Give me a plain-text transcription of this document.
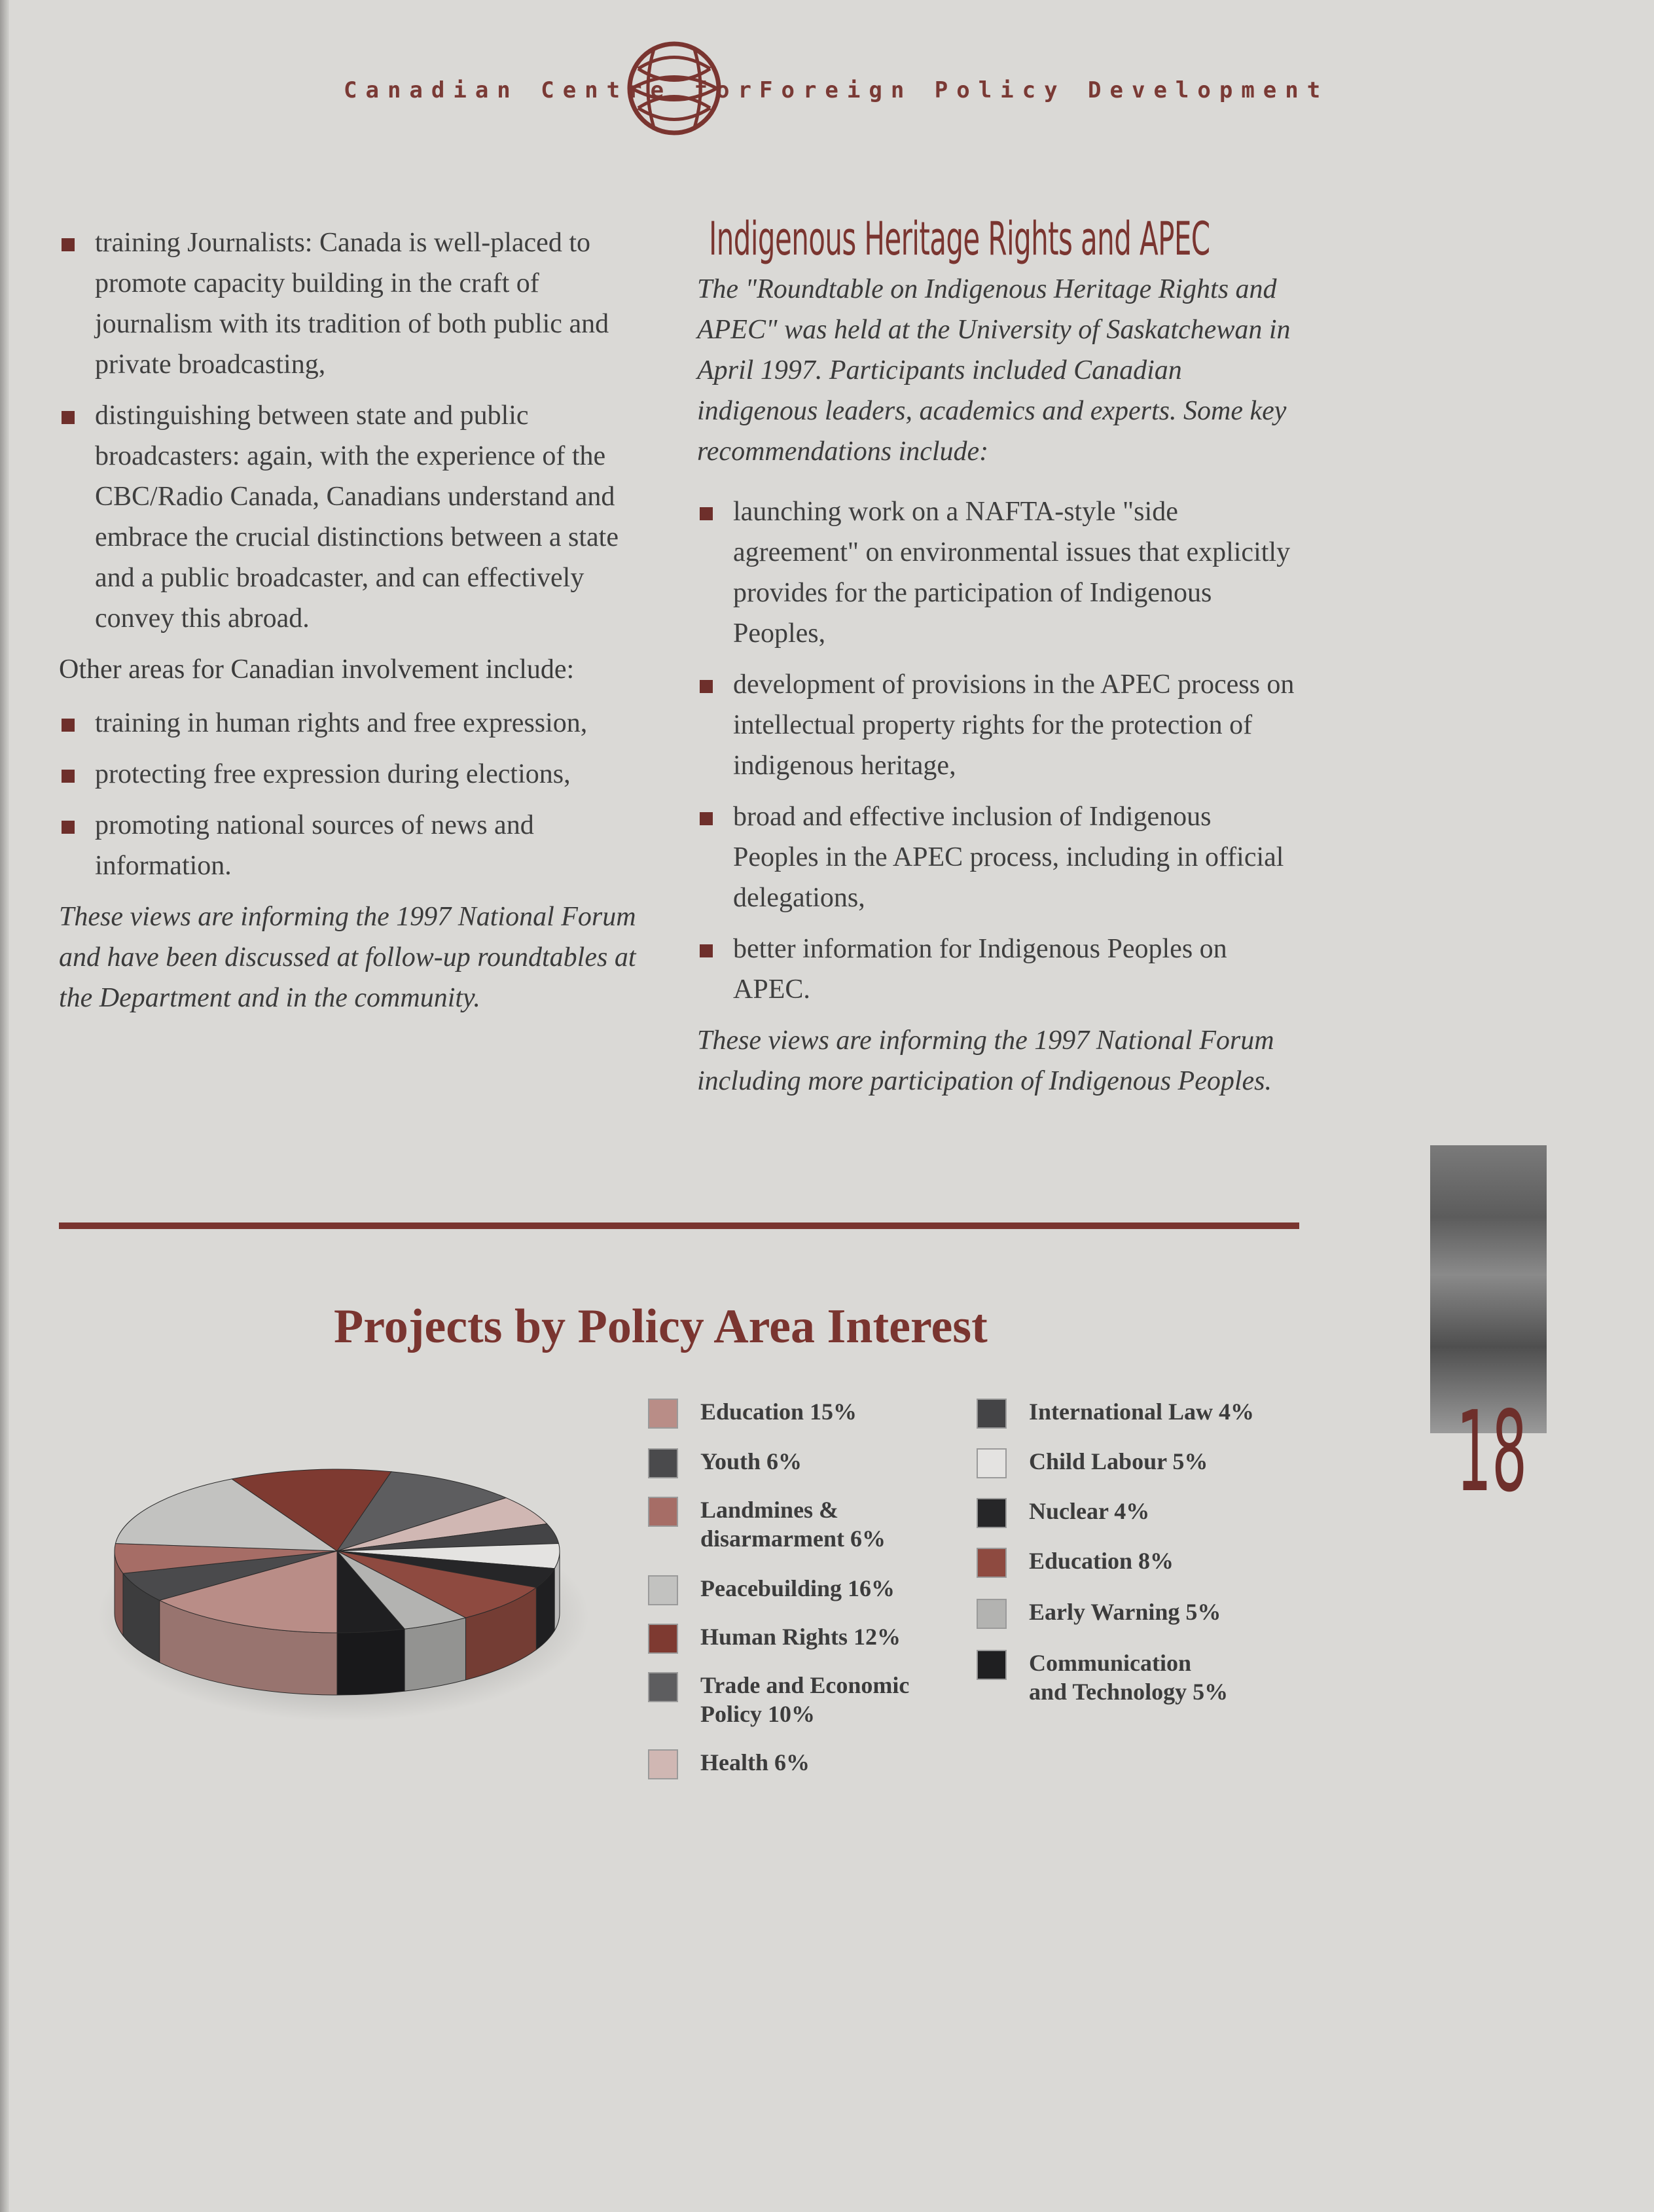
Canadian Centre for Foreign Policy Development
training Journalists: Canada is well-placed to promote capacity building in the craft of journalism with its tradition of both public and private broadcasting,
distinguishing between state and public broadcasters: again, with the experience of the CBC/Radio Canada, Canadians understand and embrace the crucial distinctions between a state and a public broadcaster, and can effectively convey this abroad.

Other areas for Canadian involvement include:

training in human rights and free expression,
protecting free expression during elections,
promoting national sources of news and information.

These views are informing the 1997 National Forum and have been discussed at follow-up roundtables at the Department and in the community.

Indigenous Heritage Rights and APEC

The "Roundtable on Indigenous Heritage Rights and APEC" was held at the University of Saskatchewan in April 1997. Participants included Canadian indigenous leaders, academics and experts. Some key recommendations include:

launching work on a NAFTA-style "side agreement" on environmental issues that explicitly provides for the participation of Indigenous Peoples,
development of provisions in the APEC process on intellectual property rights for the protection of indigenous heritage,
broad and effective inclusion of Indigenous Peoples in the APEC process, including in official delegations,
better information for Indigenous Peoples on APEC.

These views are informing the 1997 National Forum including more participation of Indigenous Peoples.

18
Projects by Policy Area Interest
Education 15%
Youth 6%
Landmines &
disarmarment 6%
Peacebuilding 16%
Human Rights 12%
Trade and Economic
Policy 10%
Health 6%
International Law 4%
Child Labour 5%
Nuclear 4%
Education 8%
Early Warning 5%
Communication
and Technology 5%
